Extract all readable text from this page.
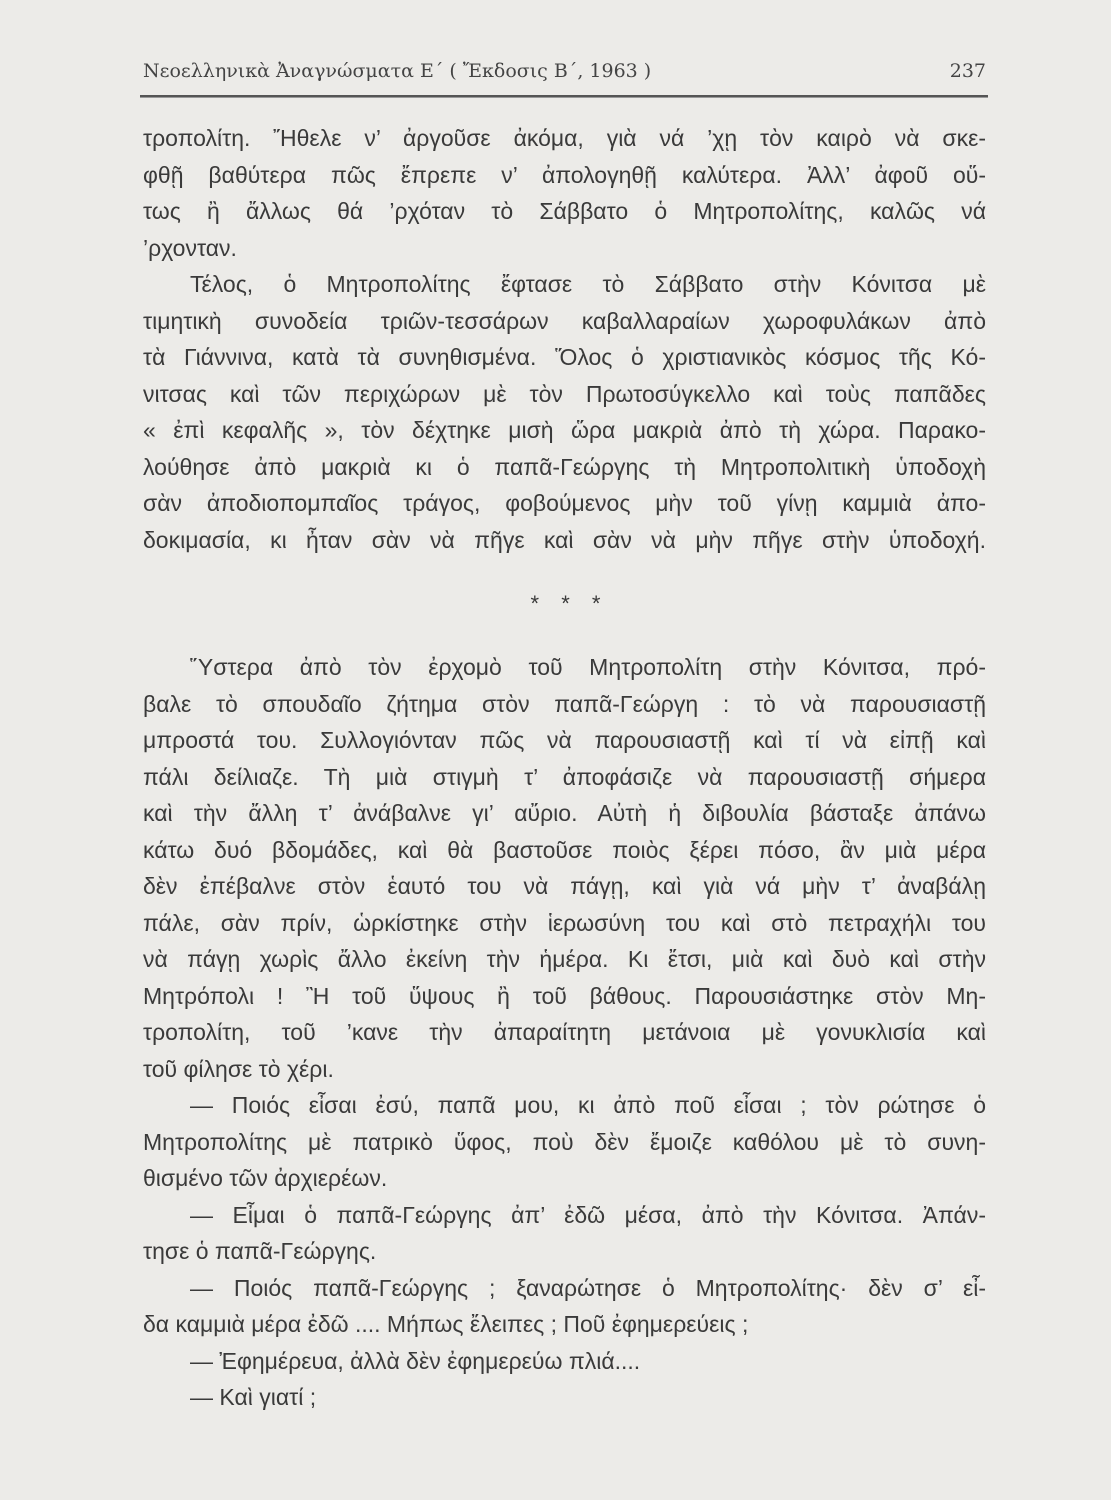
Νεοελληνικὰ Ἀναγνώσματα Ε΄ ( Ἔκδοσις Β΄, 1963 )	237
τροπολίτη. Ἤθελε ν’ ἀργοῦσε ἀκόμα, γιὰ νά ’χῃ τὸν καιρὸ νὰ σκε-
φθῇ βαθύτερα πῶς ἔπρεπε ν’ ἀπολογηθῇ καλύτερα. Ἀλλ’ ἀφοῦ οὕ-
τως ἢ ἄλλως θά ’ρχόταν τὸ Σάββατο ὁ Μητροπολίτης, καλῶς νά
’ρχονταν.
Τέλος, ὁ Μητροπολίτης ἔφτασε τὸ Σάββατο στὴν Κόνιτσα μὲ
τιμητικὴ συνοδεία τριῶν-τεσσάρων καβαλλαραίων χωροφυλάκων ἀπὸ
τὰ Γιάννινα, κατὰ τὰ συνηθισμένα. Ὅλος ὁ χριστιανικὸς κόσμος τῆς Κό-
νιτσας καὶ τῶν περιχώρων μὲ τὸν Πρωτοσύγκελλο καὶ τοὺς παπᾶδες
« ἐπὶ κεφαλῆς », τὸν δέχτηκε μισὴ ὥρα μακριὰ ἀπὸ τὴ χώρα. Παρακο-
λούθησε ἀπὸ μακριὰ κι ὁ παπᾶ-Γεώργης τὴ Μητροπολιτικὴ ὑποδοχὴ
σὰν ἀποδιοπομπαῖος τράγος, φοβούμενος μὴν τοῦ γίνῃ καμμιὰ ἀπο-
δοκιμασία, κι ἦταν σὰν νὰ πῆγε καὶ σὰν νὰ μὴν πῆγε στὴν ὑποδοχή.
* * *
Ὕστερα ἀπὸ τὸν ἐρχομὸ τοῦ Μητροπολίτη στὴν Κόνιτσα, πρό-
βαλε τὸ σπουδαῖο ζήτημα στὸν παπᾶ-Γεώργη : τὸ νὰ παρουσιαστῇ
μπροστά του. Συλλογιόνταν πῶς νὰ παρουσιαστῇ καὶ τί νὰ εἰπῇ καὶ
πάλι δείλιαζε. Τὴ μιὰ στιγμὴ τ’ ἀποφάσιζε νὰ παρουσιαστῇ σήμερα
καὶ τὴν ἄλλη τ’ ἀνάβαλνε γι’ αὔριο. Αὐτὴ ἡ διβουλία βάσταξε ἀπάνω
κάτω δυό βδομάδες, καὶ θὰ βαστοῦσε ποιὸς ξέρει πόσο, ἂν μιὰ μέρα
δὲν ἐπέβαλνε στὸν ἑαυτό του νὰ πάγῃ, καὶ γιὰ νά μὴν τ’ ἀναβάλῃ
πάλε, σὰν πρίν, ὡρκίστηκε στὴν ἱερωσύνη του καὶ στὸ πετραχήλι του
νὰ πάγῃ χωρὶς ἄλλο ἐκείνη τὴν ἡμέρα. Κι ἔτσι, μιὰ καὶ δυὸ καὶ στὴν
Μητρόπολι ! Ἢ τοῦ ὕψους ἢ τοῦ βάθους. Παρουσιάστηκε στὸν Μη-
τροπολίτη, τοῦ ’κανε τὴν ἀπαραίτητη μετάνοια μὲ γονυκλισία καὶ
τοῦ φίλησε τὸ χέρι.
— Ποιός εἶσαι ἐσύ, παπᾶ μου, κι ἀπὸ ποῦ εἶσαι ; τὸν ρώτησε ὁ
Μητροπολίτης μὲ πατρικὸ ὕφος, ποὺ δὲν ἔμοιζε καθόλου μὲ τὸ συνη-
θισμένο τῶν ἀρχιερέων.
— Εἶμαι ὁ παπᾶ-Γεώργης ἀπ’ ἐδῶ μέσα, ἀπὸ τὴν Κόνιτσα. Ἀπάν-
τησε ὁ παπᾶ-Γεώργης.
— Ποιός παπᾶ-Γεώργης ; ξαναρώτησε ὁ Μητροπολίτης· δὲν σ’ εἶ-
δα καμμιὰ μέρα ἐδῶ .... Μήπως ἔλειπες ; Ποῦ ἐφημερεύεις ;
— Ἐφημέρευα, ἀλλὰ δὲν ἐφημερεύω πλιά....
— Καὶ γιατί ;
